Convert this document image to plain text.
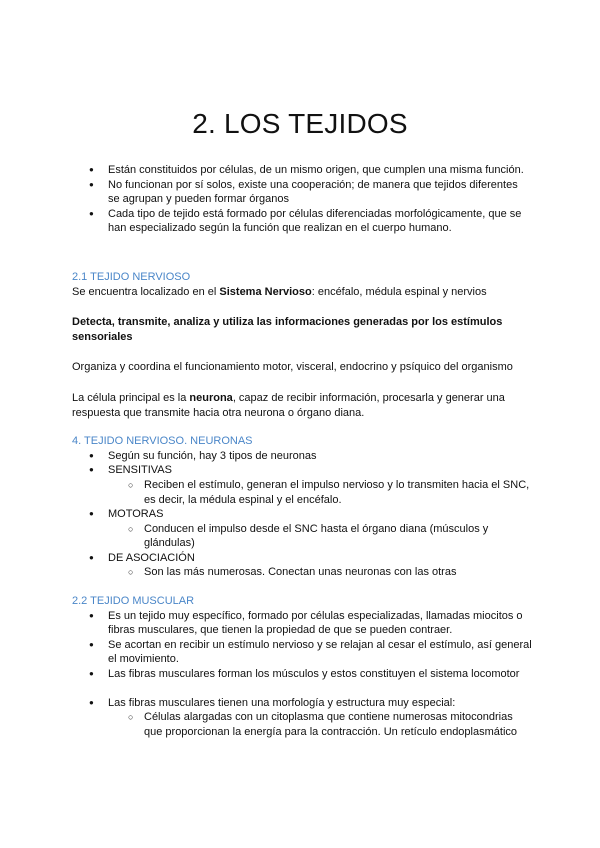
2. LOS TEJIDOS
● Están constituidos por células, de un mismo origen, que cumplen una misma función.
● No funcionan por sí solos, existe una cooperación; de manera que tejidos diferentes se agrupan y pueden formar órganos
● Cada tipo de tejido está formado por células diferenciadas morfológicamente, que se han especializado según la función que realizan en el cuerpo humano.

2.1 TEJIDO NERVIOSO

Se encuentra localizado en el Sistema Nervioso: encéfalo, médula espinal y nervios

Detecta, transmite, analiza y utiliza las informaciones generadas por los estímulos sensoriales

Organiza y coordina el funcionamiento motor, visceral, endocrino y psíquico del organismo

La célula principal es la neurona, capaz de recibir información, procesarla y generar una respuesta que transmite hacia otra neurona o órgano diana.

4. TEJIDO NERVIOSO. NEURONAS

● Según su función, hay 3 tipos de neuronas
● SENSITIVAS
○ Reciben el estímulo, generan el impulso nervioso y lo transmiten hacia el SNC, es decir, la médula espinal y el encéfalo.
● MOTORAS
○ Conducen el impulso desde el SNC hasta el órgano diana (músculos y glándulas)
● DE ASOCIACIÓN
○ Son las más numerosas. Conectan unas neuronas con las otras

2.2 TEJIDO MUSCULAR

● Es un tejido muy específico, formado por células especializadas, llamadas miocitos o fibras musculares, que tienen la propiedad de que se pueden contraer.
● Se acortan en recibir un estímulo nervioso y se relajan al cesar el estímulo, así general el movimiento.
● Las fibras musculares forman los músculos y estos constituyen el sistema locomotor
● Las fibras musculares tienen una morfología y estructura muy especial:
○ Células alargadas con un citoplasma que contiene numerosas mitocondrias que proporcionan la energía para la contracción. Un retículo endoplasmático
